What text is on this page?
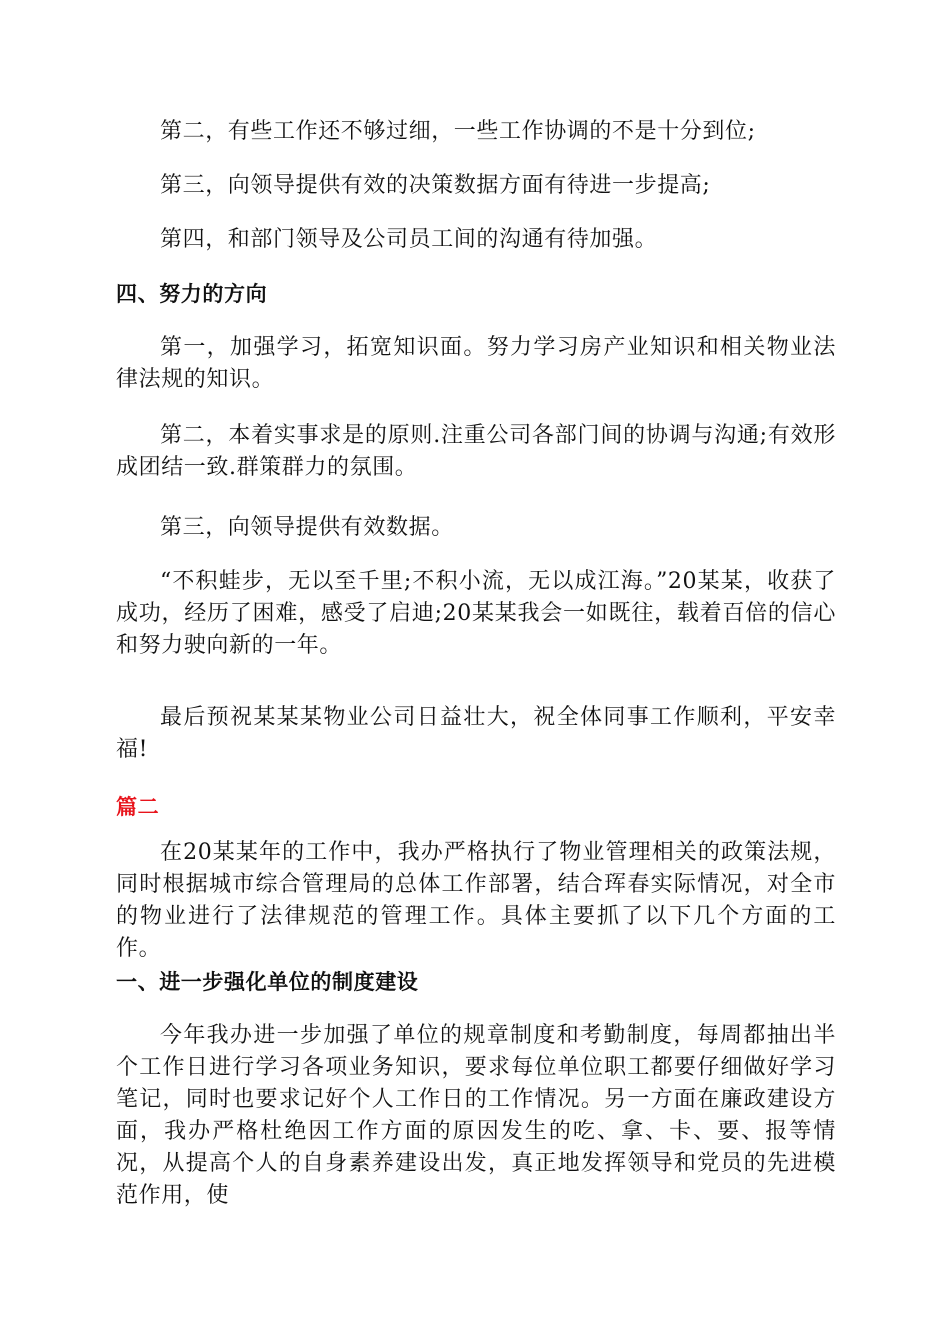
第二，有些工作还不够过细，一些工作协调的不是十分到位;

第三，向领导提供有效的决策数据方面有待进一步提高;

第四，和部门领导及公司员工间的沟通有待加强。

四、努力的方向

第一，加强学习，拓宽知识面。努力学习房产业知识和相关物业法律法规的知识。

第二，本着实事求是的原则.注重公司各部门间的协调与沟通;有效形成团结一致.群策群力的氛围。

第三，向领导提供有效数据。

“不积蛙步，无以至千里;不积小流，无以成江海。”20某某，收获了成功，经历了困难，感受了启迪;20某某我会一如既往，载着百倍的信心和努力驶向新的一年。

最后预祝某某某物业公司日益壮大，祝全体同事工作顺利，平安幸福!

篇二

在20某某年的工作中，我办严格执行了物业管理相关的政策法规，同时根据城市综合管理局的总体工作部署，结合珲春实际情况，对全市的物业进行了法律规范的管理工作。具体主要抓了以下几个方面的工作。

一、进一步强化单位的制度建设

今年我办进一步加强了单位的规章制度和考勤制度，每周都抽出半个工作日进行学习各项业务知识，要求每位单位职工都要仔细做好学习笔记，同时也要求记好个人工作日的工作情况。另一方面在廉政建设方面，我办严格杜绝因工作方面的原因发生的吃、拿、卡、要、报等情况，从提高个人的自身素养建设出发，真正地发挥领导和党员的先进模范作用，使
